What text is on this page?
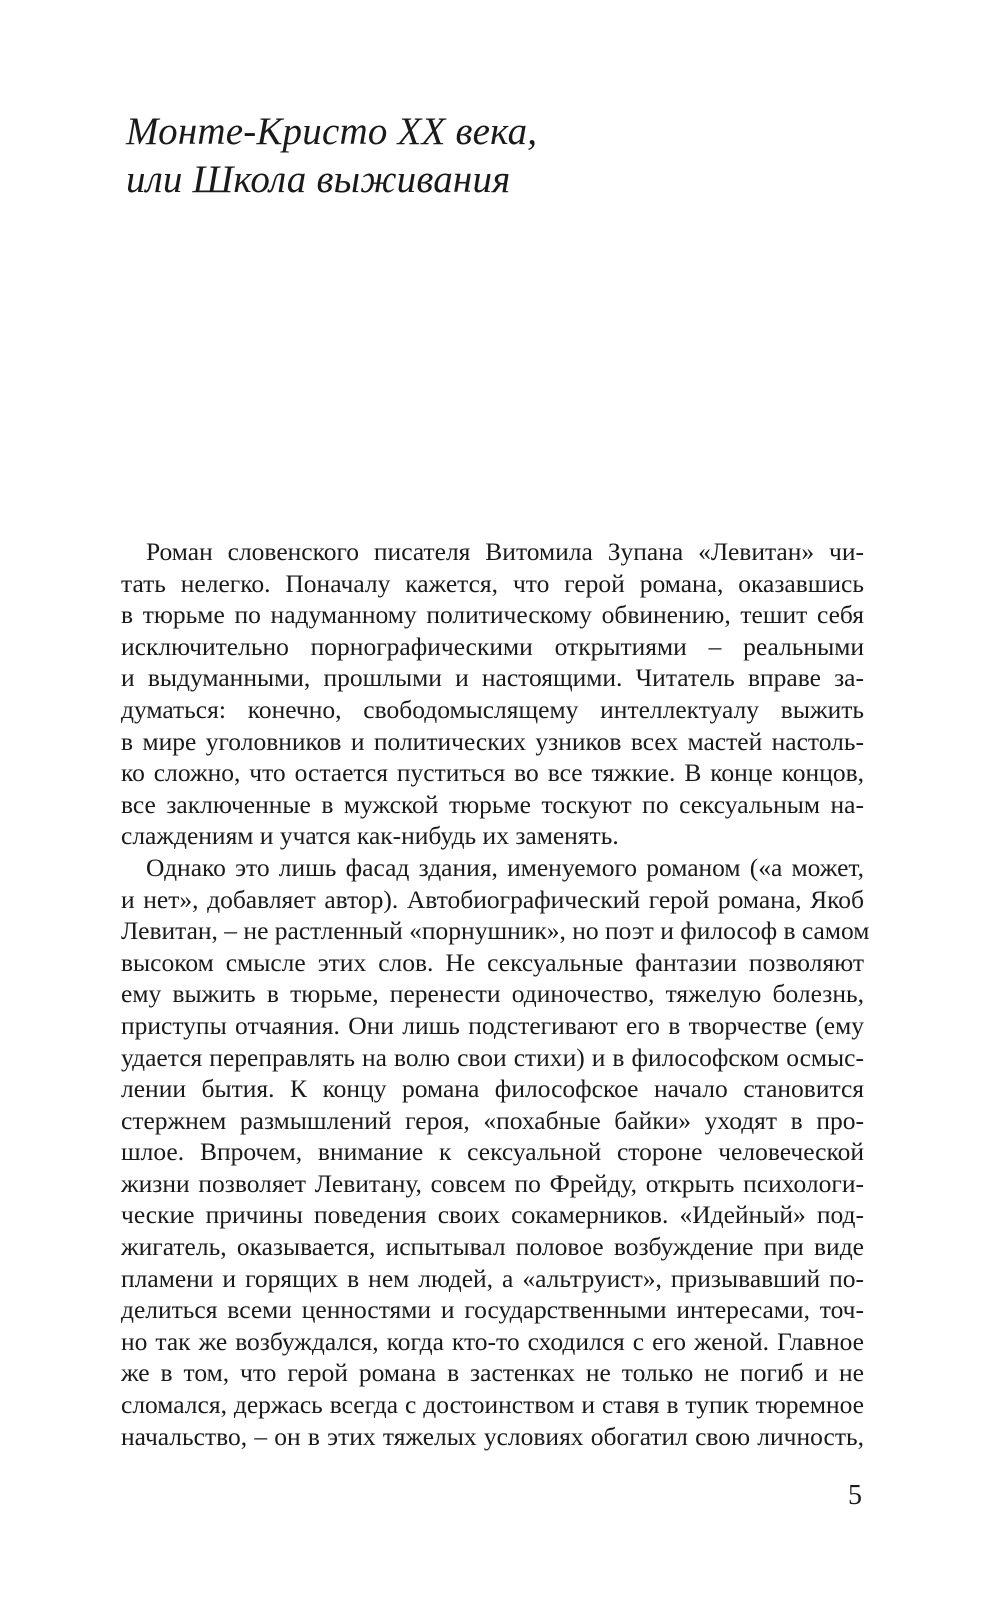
Монте-Кристо XX века,
или Школа выживания
Роман словенского писателя Витомила Зупана «Левитан» чи-
тать нелегко. Поначалу кажется, что герой романа, оказавшись
в тюрьме по надуманному политическому обвинению, тешит себя
исключительно порнографическими открытиями – реальными
и выдуманными, прошлыми и настоящими. Читатель вправе за-
думаться: конечно, свободомыслящему интеллектуалу выжить
в мире уголовников и политических узников всех мастей настоль-
ко сложно, что остается пуститься во все тяжкие. В конце концов,
все заключенные в мужской тюрьме тоскуют по сексуальным на-
слаждениям и учатся как-нибудь их заменять.
Однако это лишь фасад здания, именуемого романом («а может,
и нет», добавляет автор). Автобиографический герой романа, Якоб
Левитан, – не растленный «порнушник», но поэт и философ в самом
высоком смысле этих слов. Не сексуальные фантазии позволяют
ему выжить в тюрьме, перенести одиночество, тяжелую болезнь,
приступы отчаяния. Они лишь подстегивают его в творчестве (ему
удается переправлять на волю свои стихи) и в философском осмыс-
лении бытия. К концу романа философское начало становится
стержнем размышлений героя, «похабные байки» уходят в про-
шлое. Впрочем, внимание к сексуальной стороне человеческой
жизни позволяет Левитану, совсем по Фрейду, открыть психологи-
ческие причины поведения своих сокамерников. «Идейный» под-
жигатель, оказывается, испытывал половое возбуждение при виде
пламени и горящих в нем людей, а «альтруист», призывавший по-
делиться всеми ценностями и государственными интересами, точ-
но так же возбуждался, когда кто-то сходился с его женой. Главное
же в том, что герой романа в застенках не только не погиб и не
сломался, держась всегда с достоинством и ставя в тупик тюремное
начальство, – он в этих тяжелых условиях обогатил свою личность,
5
